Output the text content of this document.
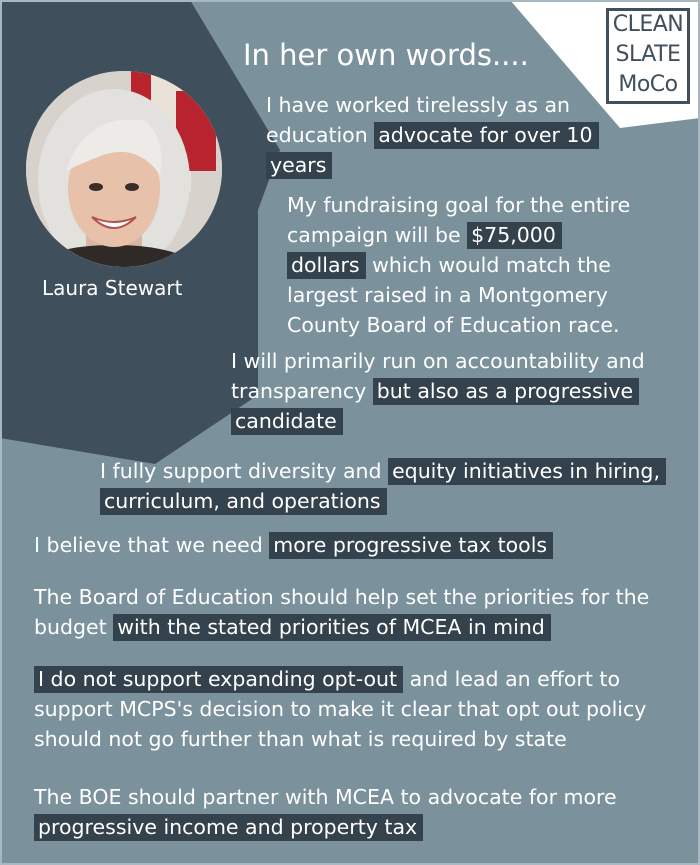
CLEAN
SLATE
MoCo
Laura Stewart
In her own words....

I have worked tirelessly as an education advocate for over 10 years

My fundraising goal for the entire campaign will be $75,000 dollars which would match the largest raised in a Montgomery County Board of Education race.

I will primarily run on accountability and transparency but also as a progressive candidate

I fully support diversity and equity initiatives in hiring, curriculum, and operations

I believe that we need more progressive tax tools

The Board of Education should help set the priorities for the budget with the stated priorities of MCEA in mind

I do not support expanding opt-out and lead an effort to support MCPS's decision to make it clear that opt out policy should not go further than what is required by state

The BOE should partner with MCEA to advocate for more progressive income and property tax
